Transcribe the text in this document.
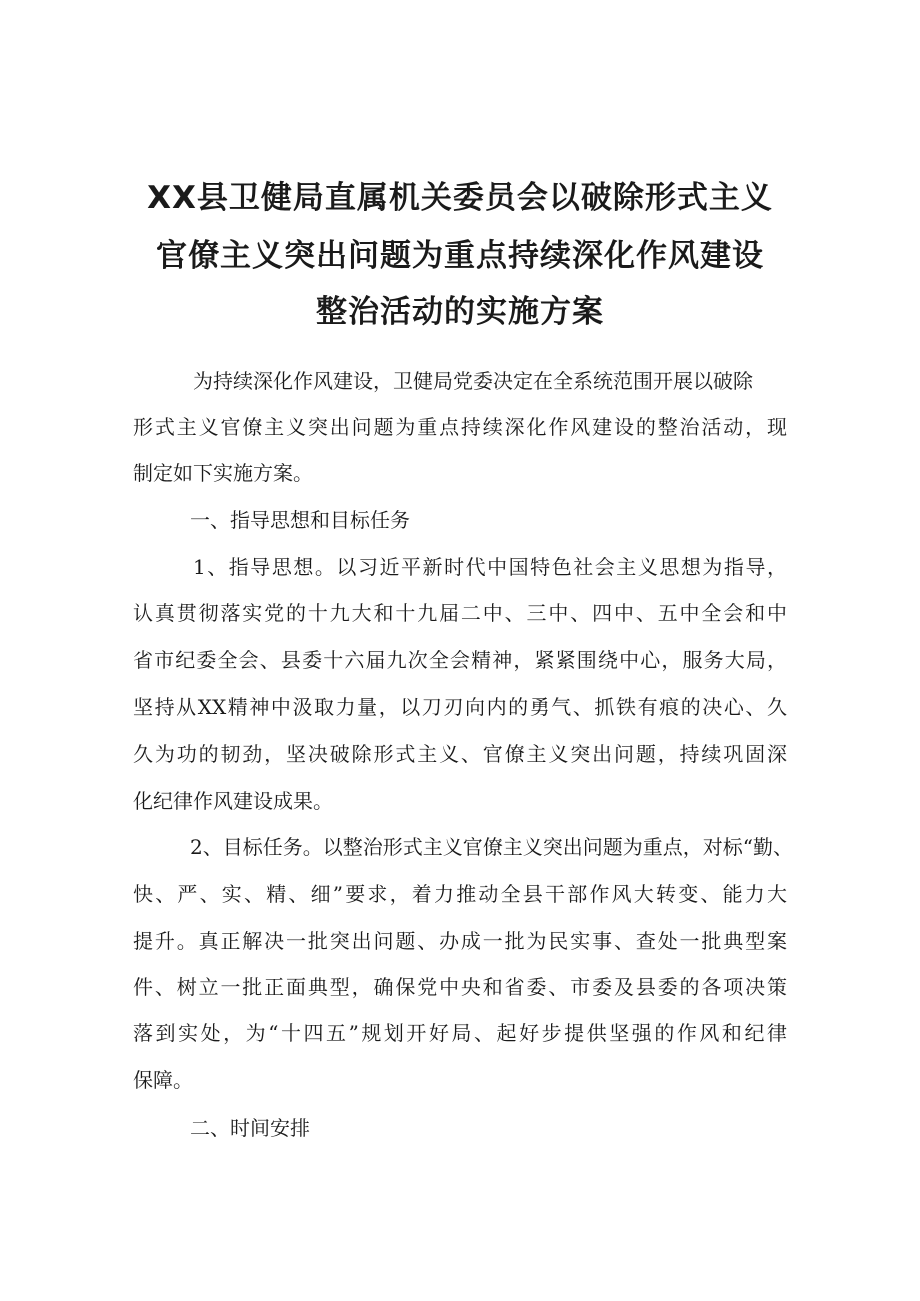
XX县卫健局直属机关委员会以破除形式主义
官僚主义突出问题为重点持续深化作风建设
整治活动的实施方案
为持续深化作风建设，卫健局党委决定在全系统范围开展以破除
形式主义官僚主义突出问题为重点持续深化作风建设的整治活动，现
制定如下实施方案。
一、指导思想和目标任务
1、指导思想。以习近平新时代中国特色社会主义思想为指导，
认真贯彻落实党的十九大和十九届二中、三中、四中、五中全会和中
省市纪委全会、县委十六届九次全会精神，紧紧围绕中心，服务大局，
坚持从XX精神中汲取力量，以刀刃向内的勇气、抓铁有痕的决心、久
久为功的韧劲，坚决破除形式主义、官僚主义突出问题，持续巩固深
化纪律作风建设成果。
2、目标任务。以整治形式主义官僚主义突出问题为重点，对标“勤、
快、严、实、精、细”要求，着力推动全县干部作风大转变、能力大
提升。真正解决一批突出问题、办成一批为民实事、查处一批典型案
件、树立一批正面典型，确保党中央和省委、市委及县委的各项决策
落到实处，为“十四五”规划开好局、起好步提供坚强的作风和纪律
保障。
二、时间安排
